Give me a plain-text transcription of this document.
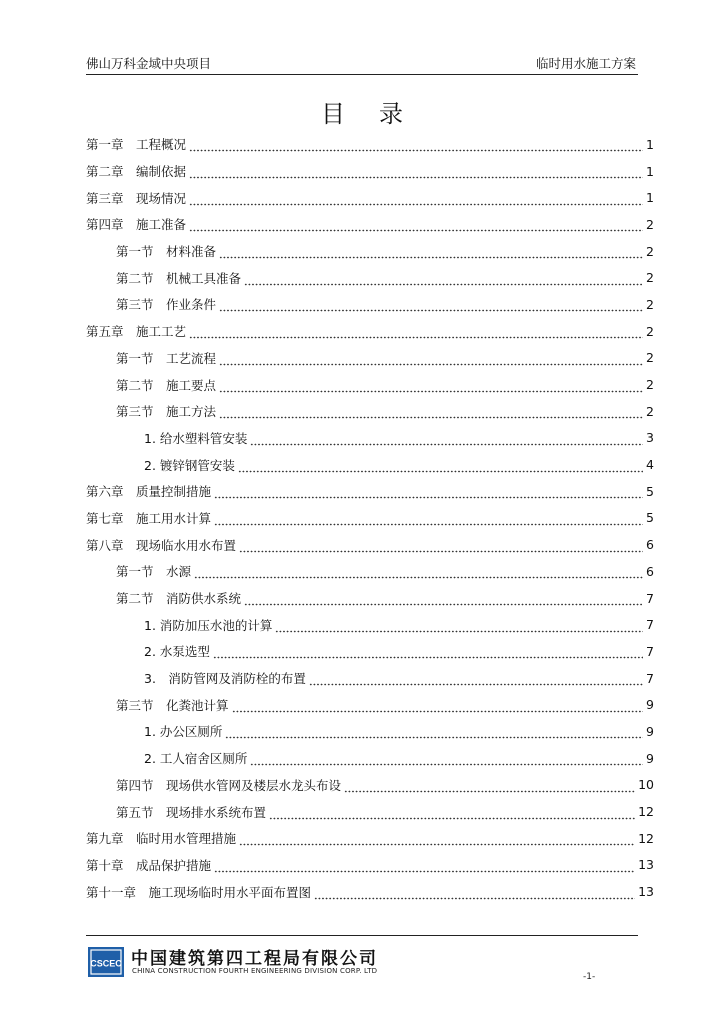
佛山万科金域中央项目	临时用水施工方案
目录
第一章　工程概况	1
第二章　编制依据	1
第三章　现场情况	1
第四章　施工准备	2
第一节　材料准备	2
第二节　机械工具准备	2
第三节　作业条件	2
第五章　施工工艺	2
第一节　工艺流程	2
第二节　施工要点	2
第三节　施工方法	2
1. 给水塑料管安装	3
2. 镀锌钢管安装	4
第六章　质量控制措施	5
第七章　施工用水计算	5
第八章　现场临水用水布置	6
第一节　水源	6
第二节　消防供水系统	7
1. 消防加压水池的计算	7
2. 水泵选型	7
3.　消防管网及消防栓的布置	7
第三节　化粪池计算	9
1. 办公区厕所	9
2. 工人宿舍区厕所	9
第四节　现场供水管网及楼层水龙头布设	10
第五节　现场排水系统布置	12
第九章　临时用水管理措施	12
第十章　成品保护措施	13
第十一章　施工现场临时用水平面布置图	13
CSCEC 中国建筑第四工程局有限公司
CHINA CONSTRUCTION FOURTH ENGINEERING DIVISION CORP. LTD
-1-
